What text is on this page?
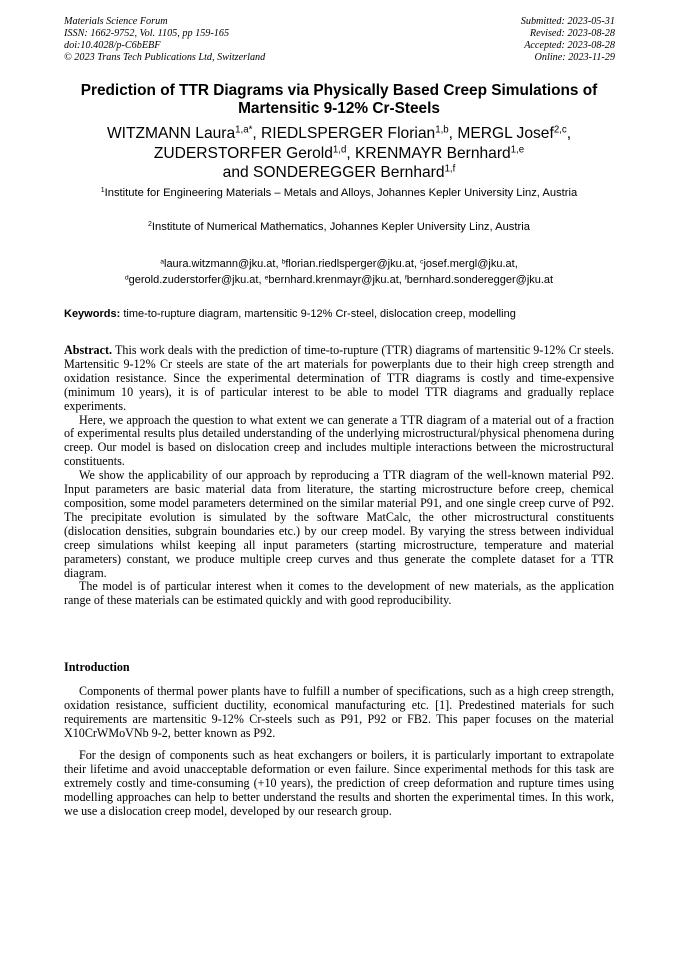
Materials Science Forum
ISSN: 1662-9752, Vol. 1105, pp 159-165
doi:10.4028/p-C6bEBF
© 2023 Trans Tech Publications Ltd, Switzerland
Submitted: 2023-05-31
Revised: 2023-08-28
Accepted: 2023-08-28
Online: 2023-11-29
Prediction of TTR Diagrams via Physically Based Creep Simulations of Martensitic 9-12% Cr-Steels
WITZMANN Laura$^{1,a*}$, RIEDLSPERGER Florian$^{1,b}$, MERGL Josef$^{2,c}$,
ZUDERSTORFER Gerold$^{1,d}$, KRENMAYR Bernhard$^{1,e}$
and SONDEREGGER Bernhard$^{1,f}$
$^1$Institute for Engineering Materials – Metals and Alloys, Johannes Kepler University Linz, Austria
$^2$Institute of Numerical Mathematics, Johannes Kepler University Linz, Austria
$^a$laura.witzmann@jku.at, $^b$florian.riedlsperger@jku.at, $^c$josef.mergl@jku.at,
$^d$gerold.zuderstorfer@jku.at, $^e$bernhard.krenmayr@jku.at, $^f$bernhard.sonderegger@jku.at
Keywords: time-to-rupture diagram, martensitic 9-12% Cr-steel, dislocation creep, modelling

Abstract. This work deals with the prediction of time-to-rupture (TTR) diagrams of martensitic 9-12% Cr steels. Martensitic 9-12% Cr steels are state of the art materials for powerplants due to their high creep strength and oxidation resistance. Since the experimental determination of TTR diagrams is costly and time-expensive (minimum 10 years), it is of particular interest to be able to model TTR diagrams and gradually replace experiments.

Here, we approach the question to what extent we can generate a TTR diagram of a material out of a fraction of experimental results plus detailed understanding of the underlying microstructural/physical phenomena during creep. Our model is based on dislocation creep and includes multiple interactions between the microstructural constituents.

We show the applicability of our approach by reproducing a TTR diagram of the well-known material P92. Input parameters are basic material data from literature, the starting microstructure before creep, chemical composition, some model parameters determined on the similar material P91, and one single creep curve of P92. The precipitate evolution is simulated by the software MatCalc, the other microstructural constituents (dislocation densities, subgrain boundaries etc.) by our creep model. By varying the stress between individual creep simulations whilst keeping all input parameters (starting microstructure, temperature and material parameters) constant, we produce multiple creep curves and thus generate the complete dataset for a TTR diagram.

The model is of particular interest when it comes to the development of new materials, as the application range of these materials can be estimated quickly and with good reproducibility.

Introduction

Components of thermal power plants have to fulfill a number of specifications, such as a high creep strength, oxidation resistance, sufficient ductility, economical manufacturing etc. [1]. Predestined materials for such requirements are martensitic 9-12% Cr-steels such as P91, P92 or FB2. This paper focuses on the material X10CrWMoVNb 9-2, better known as P92.

For the design of components such as heat exchangers or boilers, it is particularly important to extrapolate their lifetime and avoid unacceptable deformation or even failure. Since experimental methods for this task are extremely costly and time-consuming (+10 years), the prediction of creep deformation and rupture times using modelling approaches can help to better understand the results and shorten the experimental times. In this work, we use a dislocation creep model, developed by our research group.
